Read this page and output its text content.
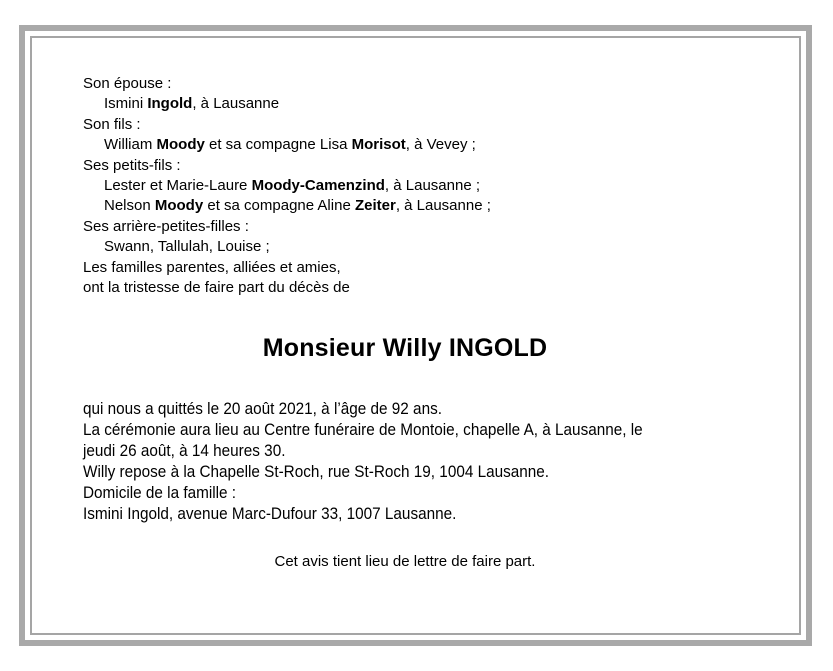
Son épouse :
Ismini Ingold, à Lausanne
Son fils :
William Moody et sa compagne Lisa Morisot, à Vevey ;
Ses petits-fils :
Lester et Marie-Laure Moody-Camenzind, à Lausanne ;
Nelson Moody et sa compagne Aline Zeiter, à Lausanne ;
Ses arrière-petites-filles :
Swann, Tallulah, Louise ;
Les familles parentes, alliées et amies,
ont la tristesse de faire part du décès de
Monsieur Willy INGOLD
qui nous a quittés le 20 août 2021, à l’âge de 92 ans.
La cérémonie aura lieu au Centre funéraire de Montoie, chapelle A, à Lausanne, le
jeudi 26 août, à 14 heures 30.
Willy repose à la Chapelle St-Roch, rue St-Roch 19, 1004 Lausanne.
Domicile de la famille :
Ismini Ingold, avenue Marc-Dufour 33, 1007 Lausanne.
Cet avis tient lieu de lettre de faire part.
